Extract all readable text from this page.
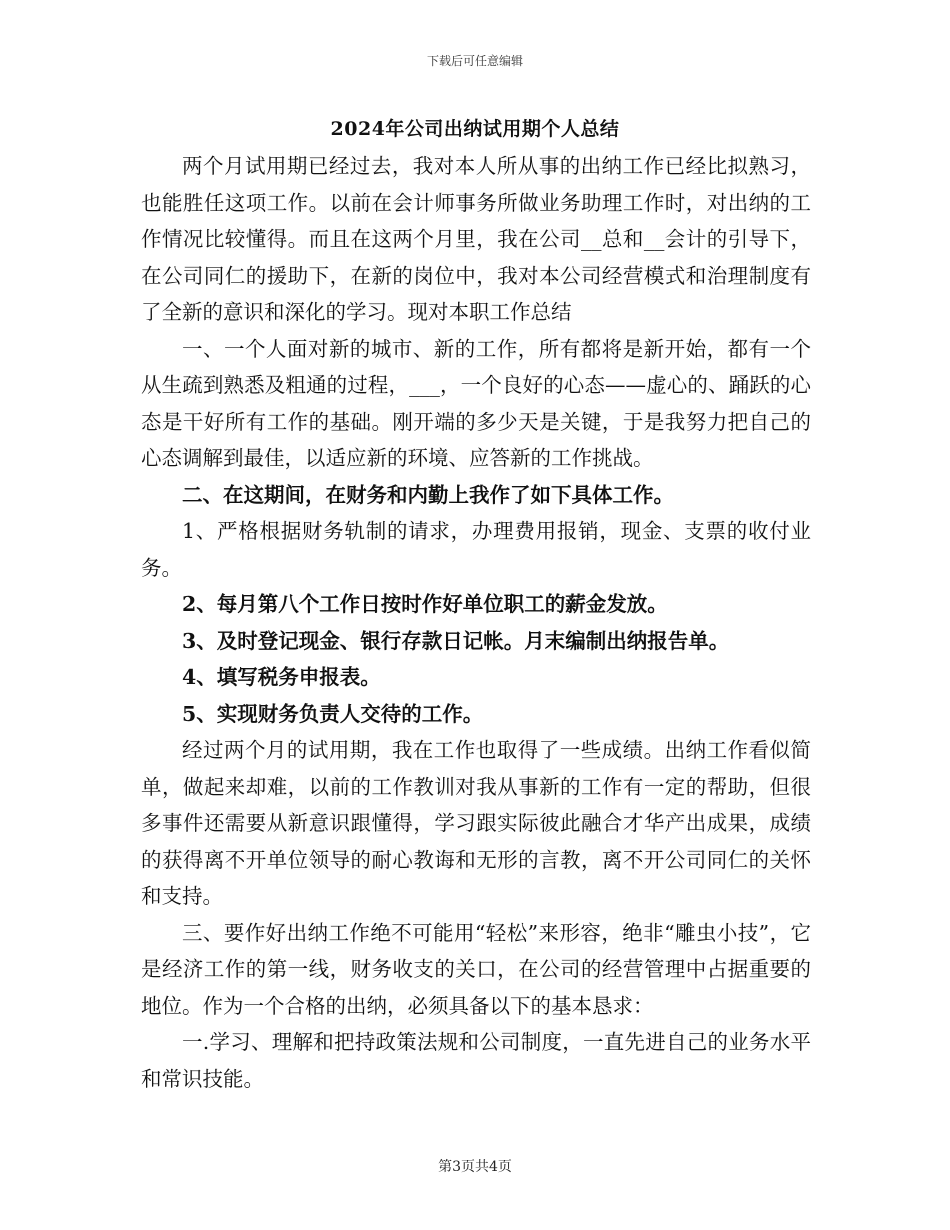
下载后可任意编辑
2024年公司出纳试用期个人总结

两个月试用期已经过去，我对本人所从事的出纳工作已经比拟熟习，也能胜任这项工作。以前在会计师事务所做业务助理工作时，对出纳的工作情况比较懂得。而且在这两个月里，我在公司__总和__会计的引导下，在公司同仁的援助下，在新的岗位中，我对本公司经营模式和治理制度有了全新的意识和深化的学习。现对本职工作总结

一、一个人面对新的城市、新的工作，所有都将是新开始，都有一个从生疏到熟悉及粗通的过程，___，一个良好的心态——虚心的、踊跃的心态是干好所有工作的基础。刚开端的多少天是关键，于是我努力把自己的心态调解到最佳，以适应新的环境、应答新的工作挑战。

二、在这期间，在财务和内勤上我作了如下具体工作。

1、严格根据财务轨制的请求，办理费用报销，现金、支票的收付业务。

2、每月第八个工作日按时作好单位职工的薪金发放。

3、及时登记现金、银行存款日记帐。月末编制出纳报告单。

4、填写税务申报表。

5、实现财务负责人交待的工作。

经过两个月的试用期，我在工作也取得了一些成绩。出纳工作看似简单，做起来却难，以前的工作教训对我从事新的工作有一定的帮助，但很多事件还需要从新意识跟懂得，学习跟实际彼此融合才华产出成果，成绩的获得离不开单位领导的耐心教诲和无形的言教，离不开公司同仁的关怀和支持。

三、要作好出纳工作绝不可能用“轻松”来形容，绝非“雕虫小技”，它是经济工作的第一线，财务收支的关口，在公司的经营管理中占据重要的地位。作为一个合格的出纳，必须具备以下的基本恳求：

一.学习、理解和把持政策法规和公司制度，一直先进自己的业务水平和常识技能。

第3页共4页
